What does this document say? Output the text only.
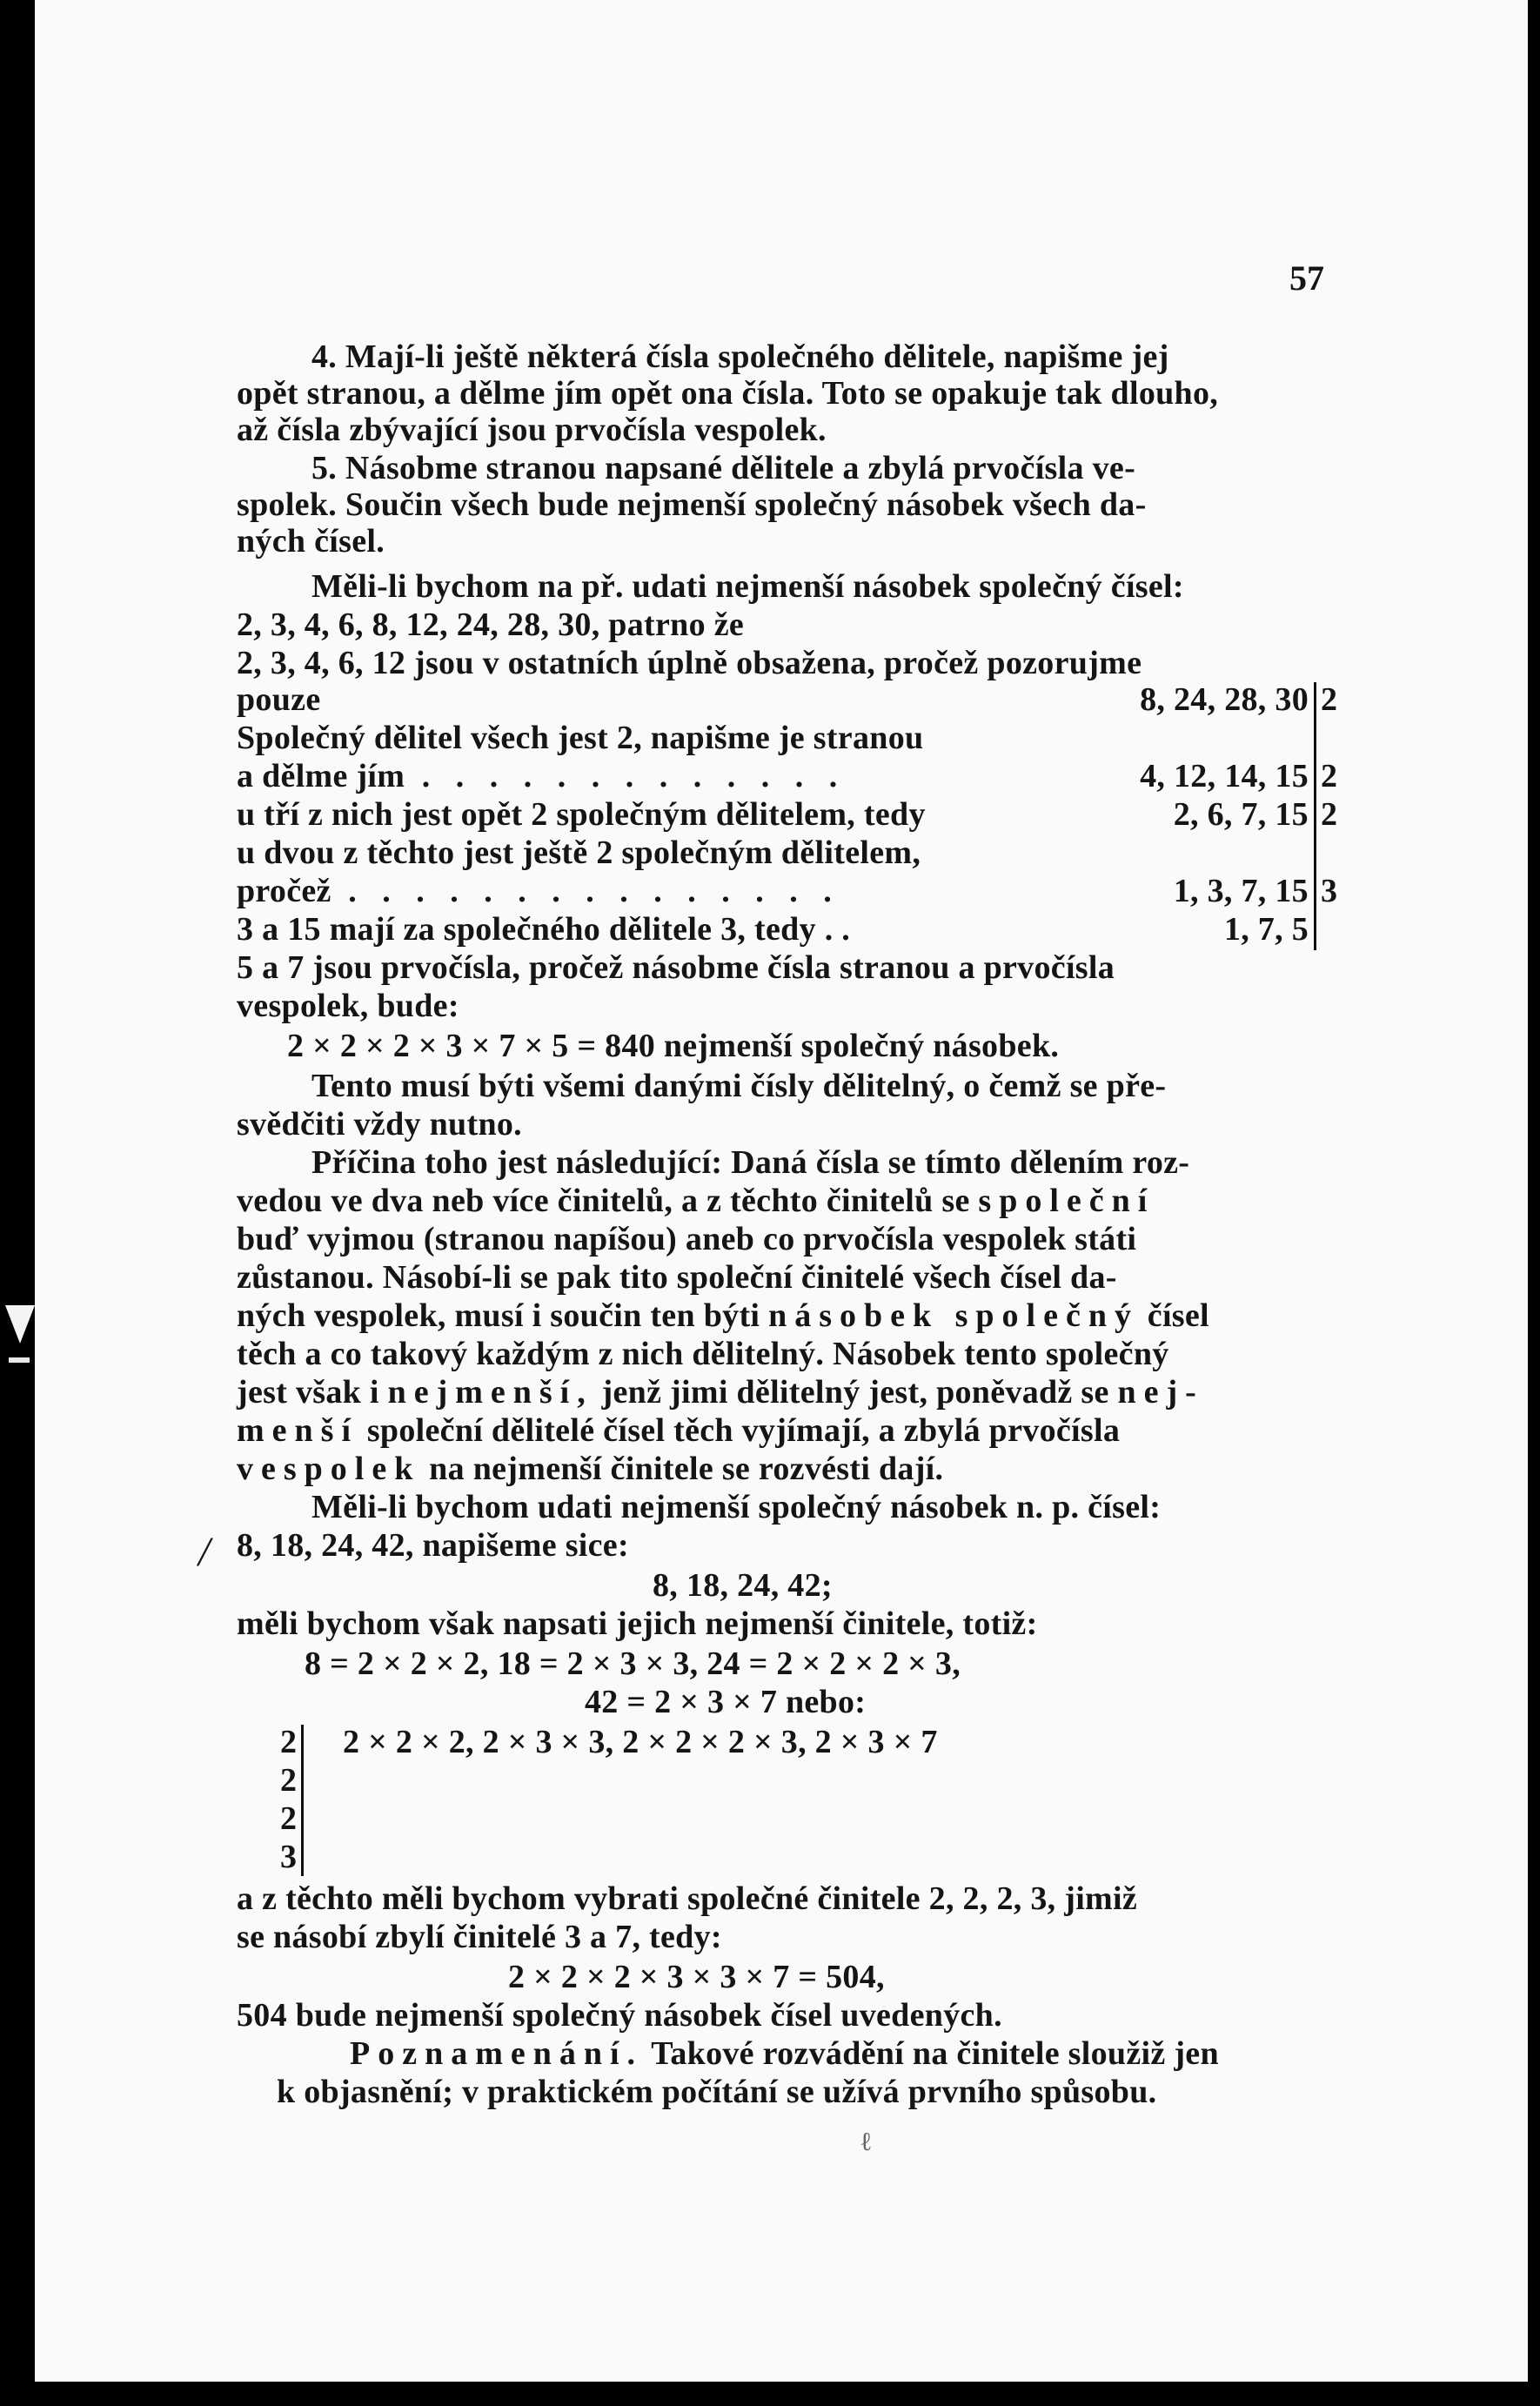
57
4. Mají-li ještě některá čísla společného dělitele, napišme jej
opět stranou, a dělme jím opět ona čísla. Toto se opakuje tak dlouho,
až čísla zbývající jsou prvočísla vespolek.
5. Násobme stranou napsané dělitele a zbylá prvočísla ve-
spolek. Součin všech bude nejmenší společný násobek všech da-
ných čísel.
Měli-li bychom na př. udati nejmenší násobek společný čísel:
2, 3, 4, 6, 8, 12, 24, 28, 30, patrno že
2, 3, 4, 6, 12 jsou v ostatních úplně obsažena, pročež pozorujme
pouze
Společný dělitel všech jest 2, napišme je stranou
a dělme jím . . . . . . . . . . . . .
u tří z nich jest opět 2 společným dělitelem, tedy
u dvou z těchto jest ještě 2 společným dělitelem,
pročež . . . . . . . . . . . . . . .
3 a 15 mají za společného dělitele 3, tedy . .
8, 24, 28, 30
4, 12, 14, 15
2, 6, 7, 15
1, 3, 7, 15
1, 7, 5
2
2
2
3
5 a 7 jsou prvočísla, pročež násobme čísla stranou a prvočísla
vespolek, bude:
2 × 2 × 2 × 3 × 7 × 5 = 840 nejmenší společný násobek.
Tento musí býti všemi danými čísly dělitelný, o čemž se pře-
svědčiti vždy nutno.
Příčina toho jest následující: Daná čísla se tímto dělením roz-
vedou ve dva neb více činitelů, a z těchto činitelů se společní
buď vyjmou (stranou napíšou) aneb co prvočísla vespolek státi
zůstanou. Násobí-li se pak tito společní činitelé všech čísel da-
ných vespolek, musí i součin ten býti násobek společný čísel
těch a co takový každým z nich dělitelný. Násobek tento společný
jest však i nejmenší, jenž jimi dělitelný jest, poněvadž se nej-
menší společní dělitelé čísel těch vyjímají, a zbylá prvočísla
vespolek na nejmenší činitele se rozvésti dají.
Měli-li bychom udati nejmenší společný násobek n. p. čísel:
8, 18, 24, 42, napišeme sice:
8, 18, 24, 42;
měli bychom však napsati jejich nejmenší činitele, totiž:
8 = 2 × 2 × 2, 18 = 2 × 3 × 3, 24 = 2 × 2 × 2 × 3,
42 = 2 × 3 × 7 nebo:
2
2
2
3
2 × 2 × 2, 2 × 3 × 3, 2 × 2 × 2 × 3, 2 × 3 × 7
a z těchto měli bychom vybrati společné činitele 2, 2, 2, 3, jimiž
se násobí zbylí činitelé 3 a 7, tedy:
2 × 2 × 2 × 3 × 3 × 7 = 504,
504 bude nejmenší společný násobek čísel uvedených.
Poznamenání. Takové rozvádění na činitele sloužiž jen
k objasnění; v praktickém počítání se užívá prvního spůsobu.
/
ℓ
